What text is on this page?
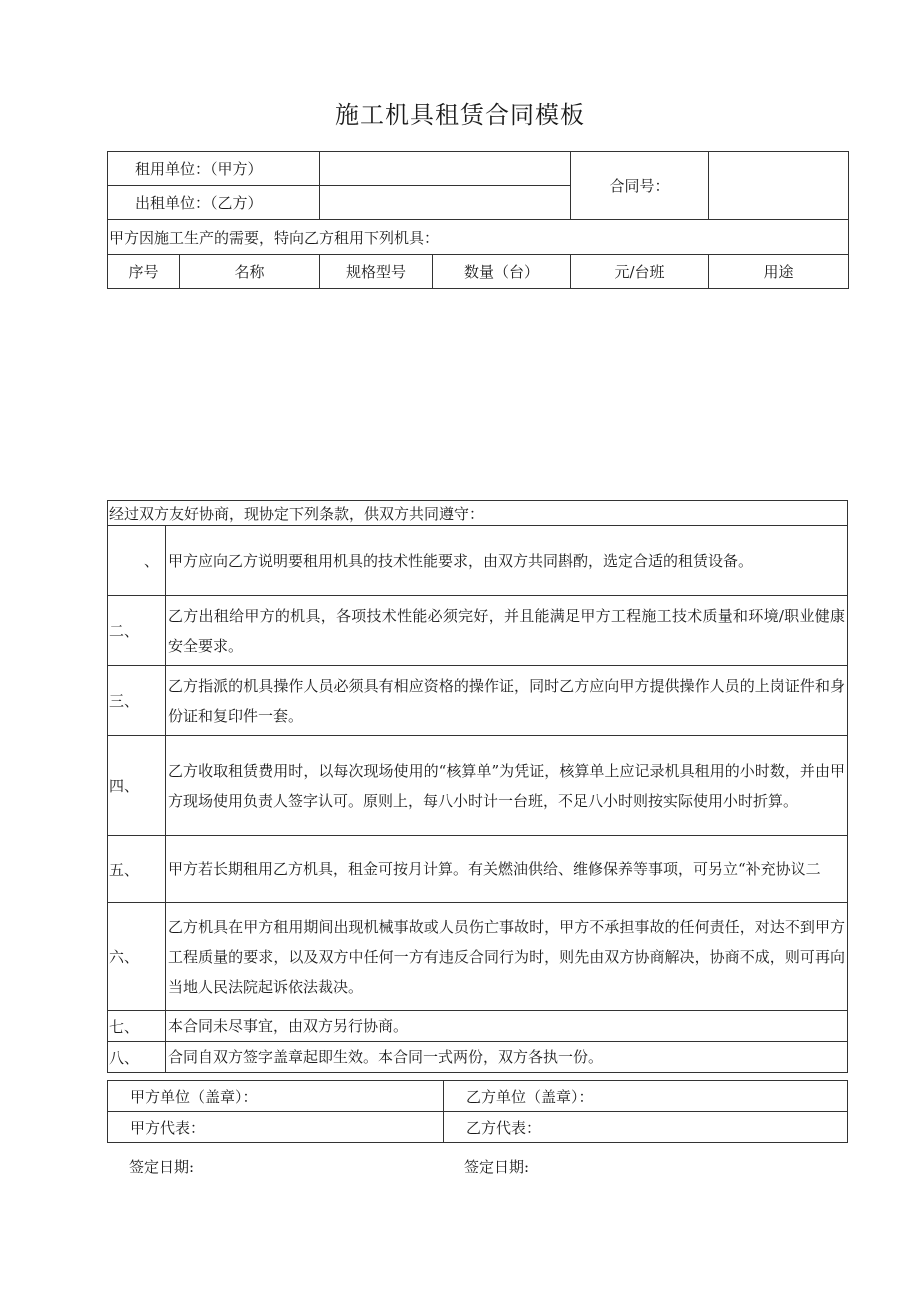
施工机具租赁合同模板
租用单位：（甲方）				合同号：	
出租单位：（乙方）					
甲方因施工生产的需要，特向乙方租用下列机具：					
序号	名称	规格型号	数量（台）	元/台班	用途
经过双方友好协商，现协定下列条款，供双方共同遵守：	
、	甲方应向乙方说明要租用机具的技术性能要求，由双方共同斟酌，选定合适的租赁设备。
二、	乙方出租给甲方的机具，各项技术性能必须完好，并且能满足甲方工程施工技术质量和环境/职业健康安全要求。
三、	乙方指派的机具操作人员必须具有相应资格的操作证，同时乙方应向甲方提供操作人员的上岗证件和身份证和复印件一套。
四、	乙方收取租赁费用时，以每次现场使用的“核算单”为凭证，核算单上应记录机具租用的小时数，并由甲方现场使用负责人签字认可。原则上，每八小时计一台班，不足八小时则按实际使用小时折算。
五、	甲方若长期租用乙方机具，租金可按月计算。有关燃油供给、维修保养等事项，可另立“补充协议二
六、	乙方机具在甲方租用期间出现机械事故或人员伤亡事故时，甲方不承担事故的任何责任，对达不到甲方工程质量的要求，以及双方中任何一方有违反合同行为时，则先由双方协商解决，协商不成，则可再向当地人民法院起诉依法裁决。
七、	本合同未尽事宜，由双方另行协商。
八、	合同自双方签字盖章起即生效。本合同一式两份，双方各执一份。
甲方单位（盖章）：	乙方单位（盖章）：
甲方代表：	乙方代表：
签定日期:	签定日期:
